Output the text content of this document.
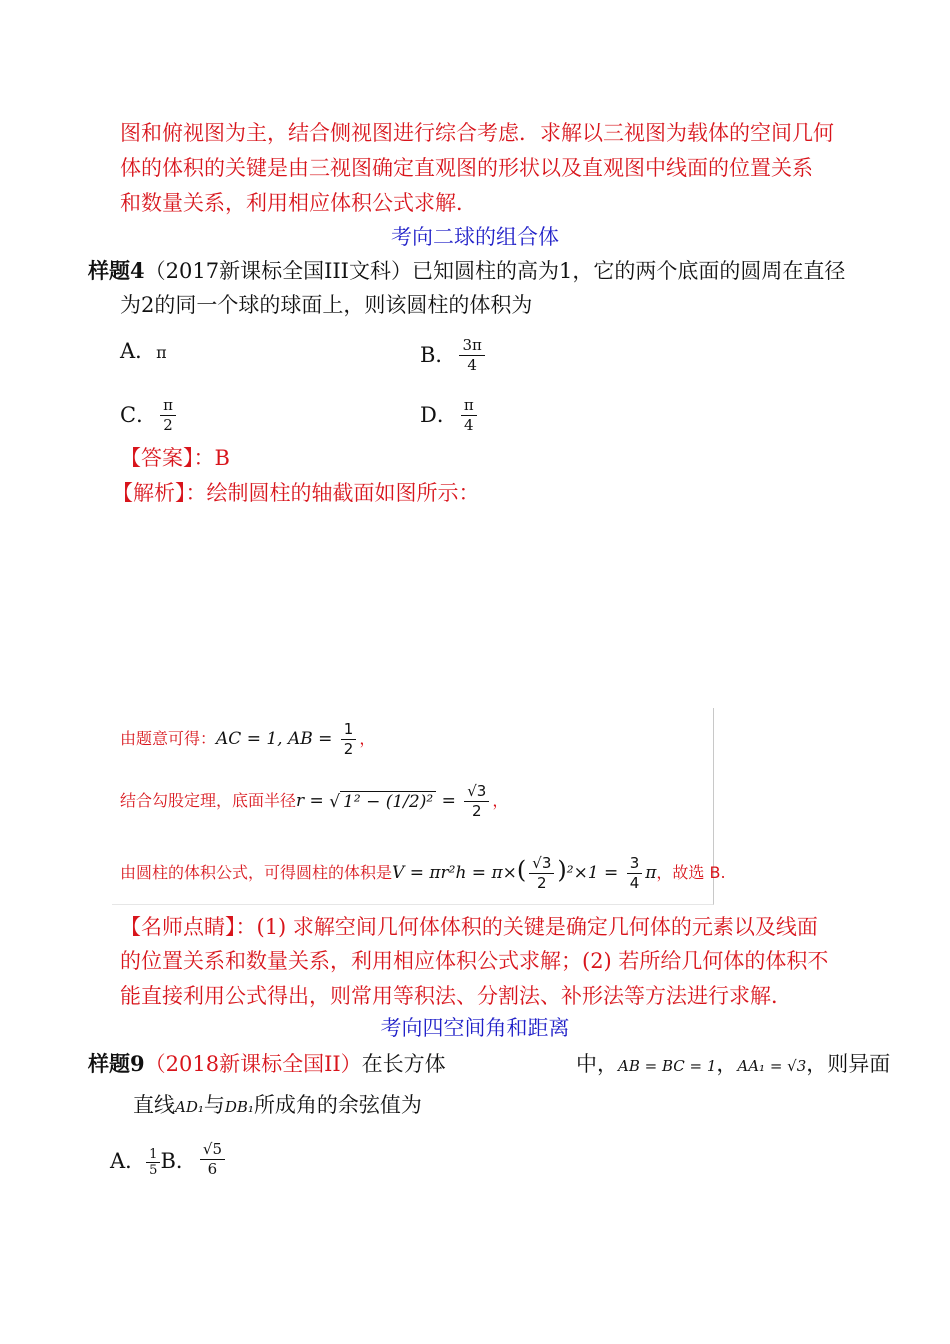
图和俯视图为主，结合侧视图进行综合考虑．求解以三视图为载体的空间几何
体的体积的关键是由三视图确定直观图的形状以及直观图中线面的位置关系
和数量关系，利用相应体积公式求解．
考向二球的组合体
样题4（2017新课标全国III文科）已知圆柱的高为1，它的两个底面的圆周在直径
为2的同一个球的球面上，则该圆柱的体积为
A．π	B． $\frac{3\pi}{4}$
C． $\frac{\pi}{2}$	D． $\frac{\pi}{4}$
【答案】：B
【解析】：绘制圆柱的轴截面如图所示：
由题意可得：AC = 1, AB = $\frac{1}{2}$ ，
结合勾股定理，底面半径r = √ $1^2 - (1/2)^2 = \frac{√3}{2}$ ，
由圆柱的体积公式，可得圆柱的体积是$V = \pi r^2h = \pi\times( \frac{√3}{2} )^2\times 1 = \frac{3}{4}$ π，故选 B.
【名师点睛】：(1) 求解空间几何体体积的关键是确定几何体的元素以及线面
的位置关系和数量关系，利用相应体积公式求解；(2) 若所给几何体的体积不
能直接利用公式得出，则常用等积法、分割法、补形法等方法进行求解．
考向四空间角和距离
样题9（2018新课标全国II）在长方体	中，AB = BC = 1，AA₁ = √3，则异面
直线AD₁与DB₁所成角的余弦值为
A． $\frac{1}{5}$ B． $\frac{√5}{6}$
